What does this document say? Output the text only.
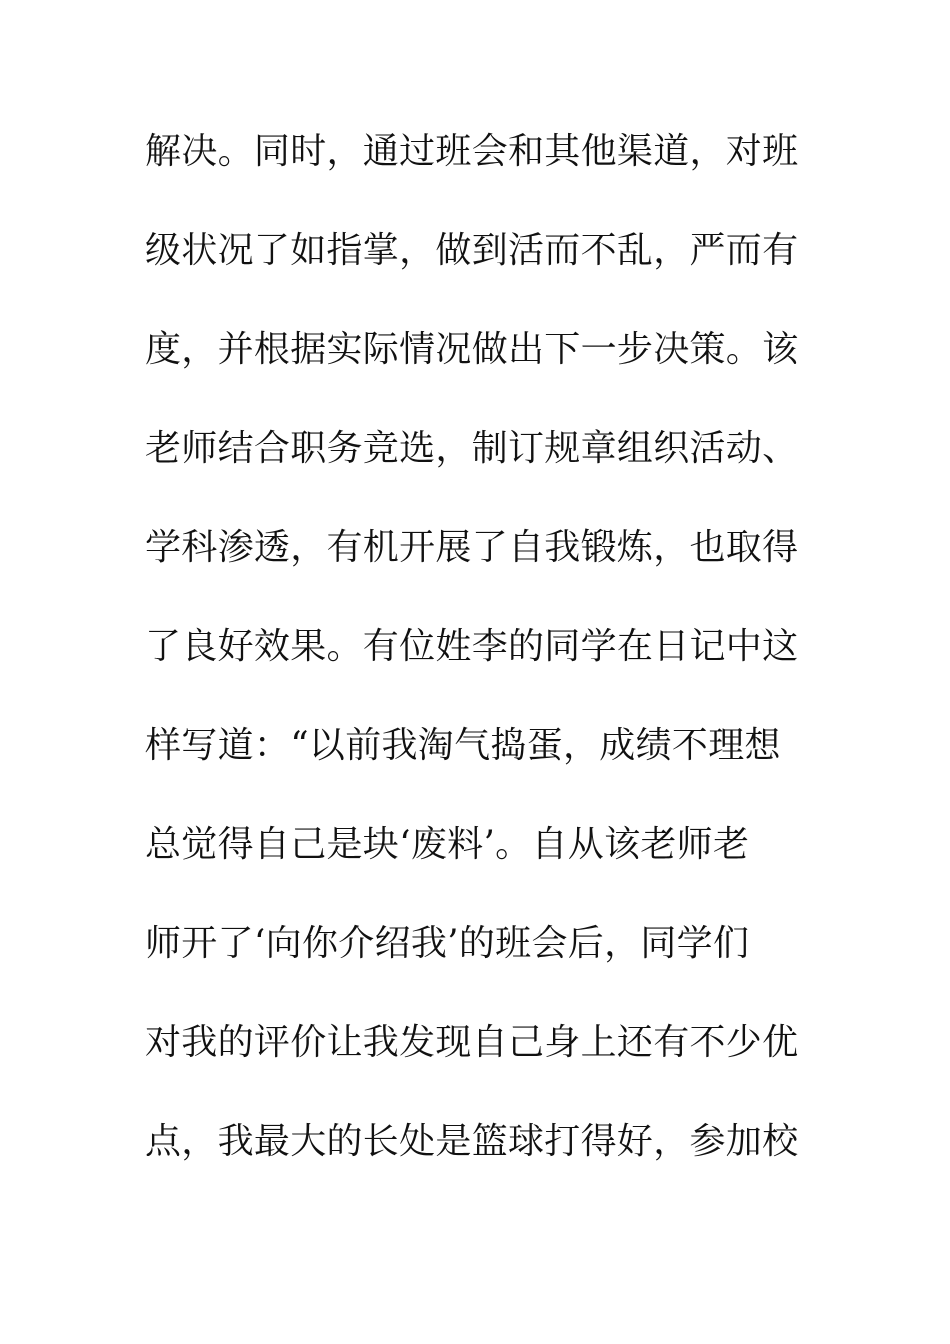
解决。同时，通过班会和其他渠道，对班
级状况了如指掌，做到活而不乱，严而有
度，并根据实际情况做出下一步决策。该
老师结合职务竞选，制订规章组织活动、
学科渗透，有机开展了自我锻炼，也取得
了良好效果。有位姓李的同学在日记中这
样写道：“以前我淘气捣蛋，成绩不理想
总觉得自己是块‘废料’。自从该老师老
师开了‘向你介绍我’的班会后，同学们
对我的评价让我发现自己身上还有不少优
点，我最大的长处是篮球打得好，参加校
